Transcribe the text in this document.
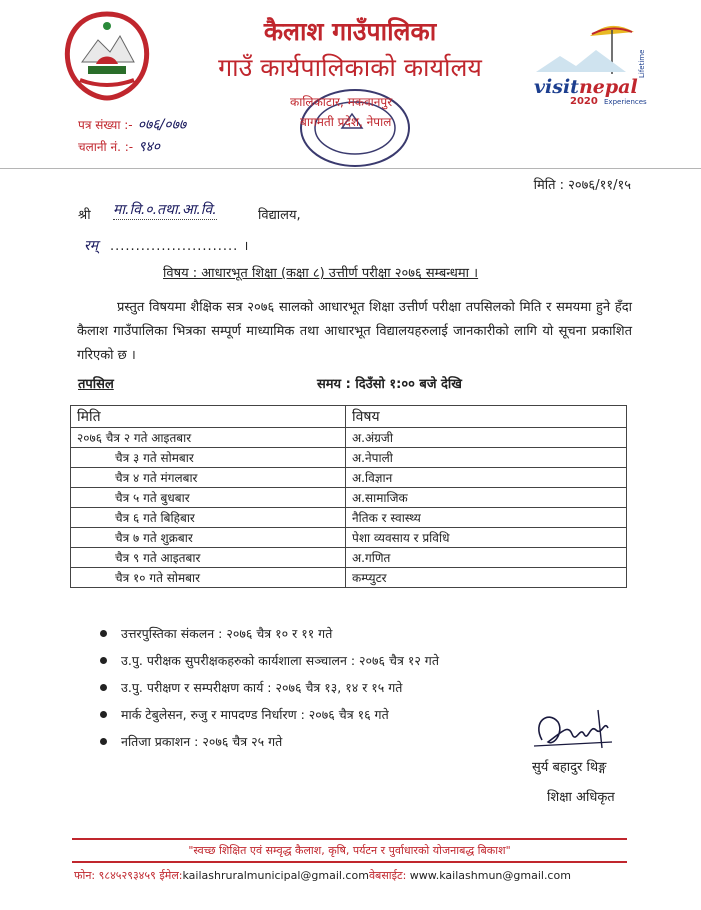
कैलाश गाउँपालिका
गाउँ कार्यपालिकाको कार्यालय
कालिकाटार, मकवानपुर
बागमती प्रदेश, नेपाल
visitnepal
2020
Lifetime
Experiences
पत्र संख्या :- ०७६/०७७
चलानी नं. :- ९४०
मिति : २०७६/११/१५
श्री मा.वि.०.तथा.आ.वि.	विद्यालय,
रम् ......................... ।
विषय : आधारभूत शिक्षा (कक्षा ८) उत्तीर्ण परीक्षा २०७६ सम्बन्धमा ।

प्रस्तुत विषयमा शैक्षिक सत्र २०७६ सालको आधारभूत शिक्षा उत्तीर्ण परीक्षा तपसिलको मिति र समयमा हुने हँदा कैलाश गाउँपालिका भित्रका सम्पूर्ण माध्यामिक तथा आधारभूत विद्यालयहरुलाई जानकारीको लागि यो सूचना प्रकाशित गरिएको छ ।

तपसिल	समय : दिउँसो १:०० बजे देखि
मिति	विषय
२०७६ चैत्र २ गते आइतबार	अ.अंग्रजी
चैत्र ३ गते सोमबार	अ.नेपाली
चैत्र ४ गते मंगलबार	अ.विज्ञान
चैत्र ५ गते बुधबार	अ.सामाजिक
चैत्र ६ गते बिहिबार	नैतिक र स्वास्थ्य
चैत्र ७ गते शुक्रबार	पेशा व्यवसाय र प्रविधि
चैत्र ९ गते आइतबार	अ.गणित
चैत्र १० गते सोमबार	कम्प्युटर
उत्तरपुस्तिका संकलन : २०७६ चैत्र १० र ११ गते
उ.पु. परीक्षक सुपरीक्षकहरुको कार्यशाला सञ्चालन : २०७६ चैत्र १२ गते
उ.पु. परीक्षण र सम्परीक्षण कार्य : २०७६ चैत्र १३, १४ र १५ गते
मार्क टेबुलेसन, रुजु र मापदण्ड निर्धारण : २०७६ चैत्र १६ गते
नतिजा प्रकाशन : २०७६ चैत्र २५ गते
सुर्य बहादुर थिङ्ग
शिक्षा अधिकृत
"स्वच्छ शिक्षित एवं सम्वृद्ध कैलाश, कृषि, पर्यटन र पुर्वाधारको योजनाबद्ध बिकाश"
फोन: ९८४५२९३४५९ ईमेल:kailashruralmunicipal@gmail.comवेबसाईट: www.kailashmun@gmail.com
